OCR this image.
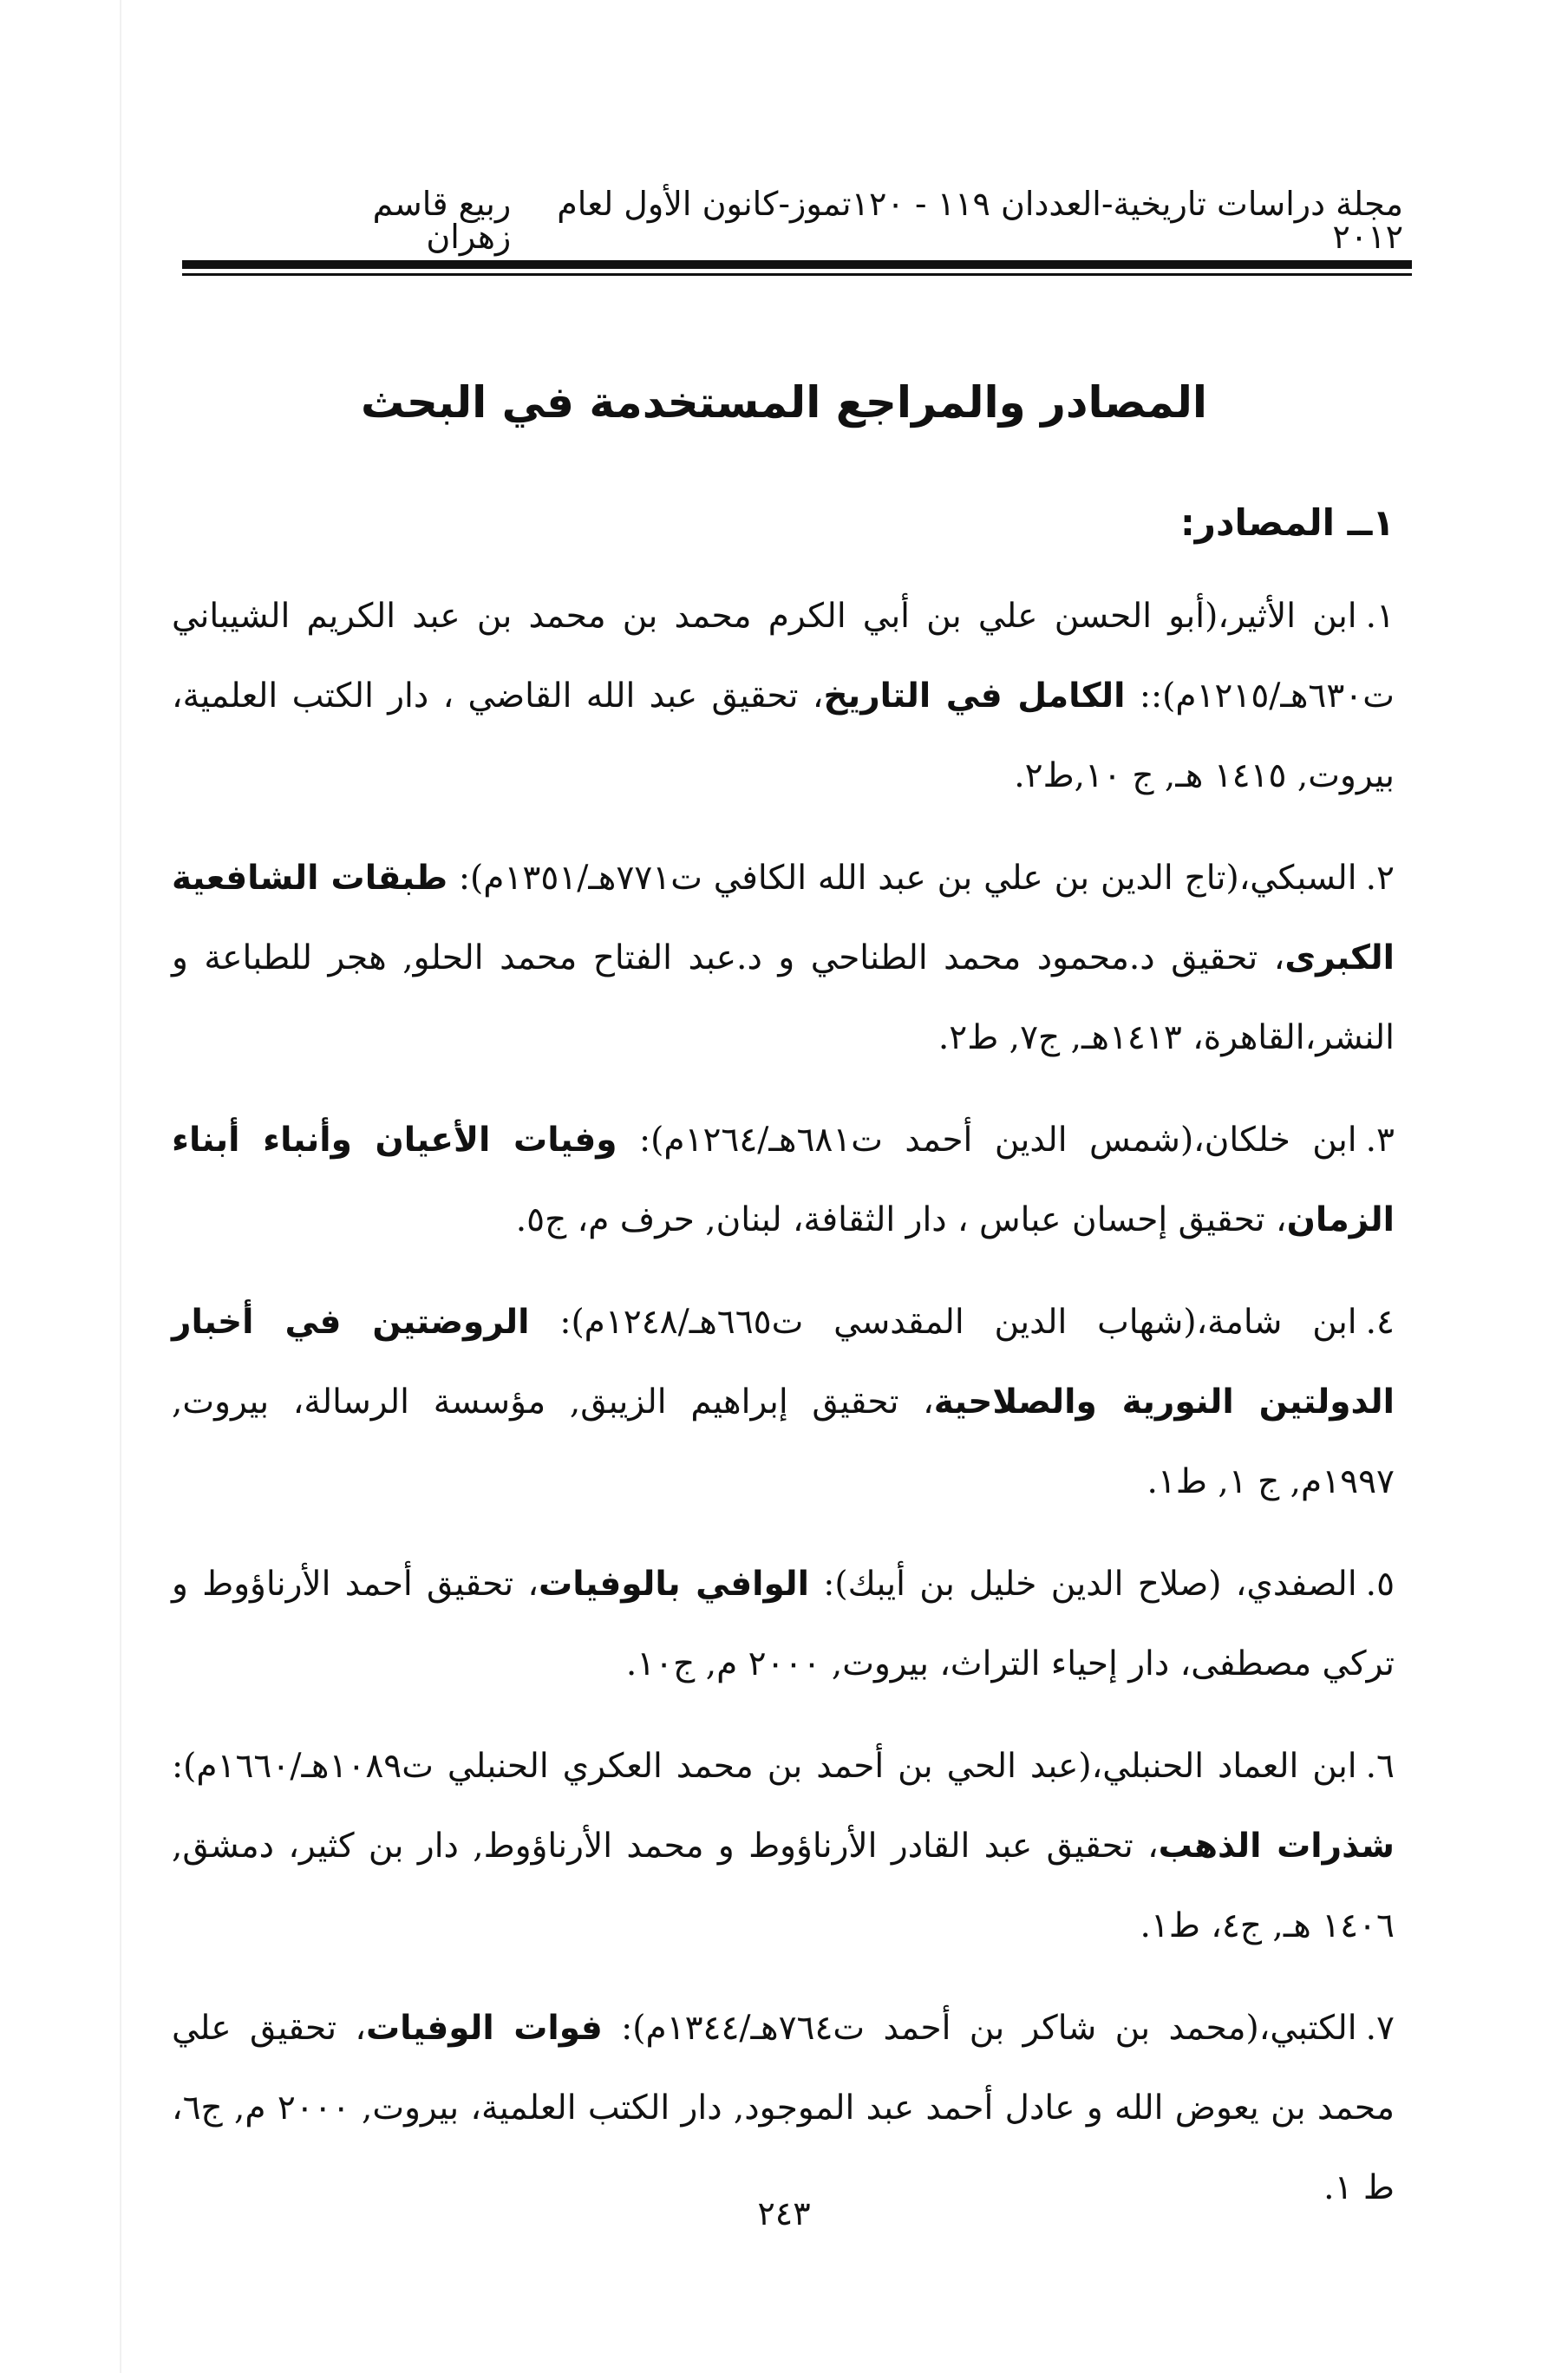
مجلة دراسات تاريخية-العددان ١١٩ - ١٢٠تموز-كانون الأول لعام ٢٠١٢
ربيع قاسم زهران
المصادر والمراجع المستخدمة في البحث
١ــ المصادر:
١.ابن الأثير،(أبو الحسن علي بن أبي الكرم محمد بن محمد بن عبد الكريم الشيباني ت٦٣٠هـ/١٢١٥م):: الكامل في التاريخ، تحقيق عبد الله القاضي ، دار الكتب العلمية، بيروت, ١٤١٥ هـ, ج ١٠,ط٢.
٢.السبكي،(تاج الدين بن علي بن عبد الله الكافي ت٧٧١هـ/١٣٥١م): طبقات الشافعية الكبرى، تحقيق د.محمود محمد الطناحي و د.عبد الفتاح محمد الحلو, هجر للطباعة و النشر،القاهرة، ١٤١٣هـ, ج٧, ط٢.
٣.ابن خلكان،(شمس الدين أحمد ت٦٨١هـ/١٢٦٤م): وفيات الأعيان وأنباء أبناء الزمان، تحقيق إحسان عباس ، دار الثقافة، لبنان, حرف م، ج٥.
٤.ابن شامة،(شهاب الدين المقدسي ت٦٦٥هـ/١٢٤٨م): الروضتين في أخبار الدولتين النورية والصلاحية، تحقيق إبراهيم الزيبق, مؤسسة الرسالة، بيروت, ١٩٩٧م, ج ١, ط١.
٥.الصفدي، (صلاح الدين خليل بن أيبك): الوافي بالوفيات، تحقيق أحمد الأرناؤوط و تركي مصطفى، دار إحياء التراث، بيروت, ٢٠٠٠ م, ج١٠.
٦.ابن العماد الحنبلي،(عبد الحي بن أحمد بن محمد العكري الحنبلي ت١٠٨٩هـ/١٦٦٠م): شذرات الذهب، تحقيق عبد القادر الأرناؤوط و محمد الأرناؤوط, دار بن كثير، دمشق, ١٤٠٦ هـ, ج٤، ط١.
٧.الكتبي،(محمد بن شاكر بن أحمد ت٧٦٤هـ/١٣٤٤م): فوات الوفيات، تحقيق علي محمد بن يعوض الله و عادل أحمد عبد الموجود, دار الكتب العلمية، بيروت, ٢٠٠٠ م, ج٦، ط ١.
٢٤٣
